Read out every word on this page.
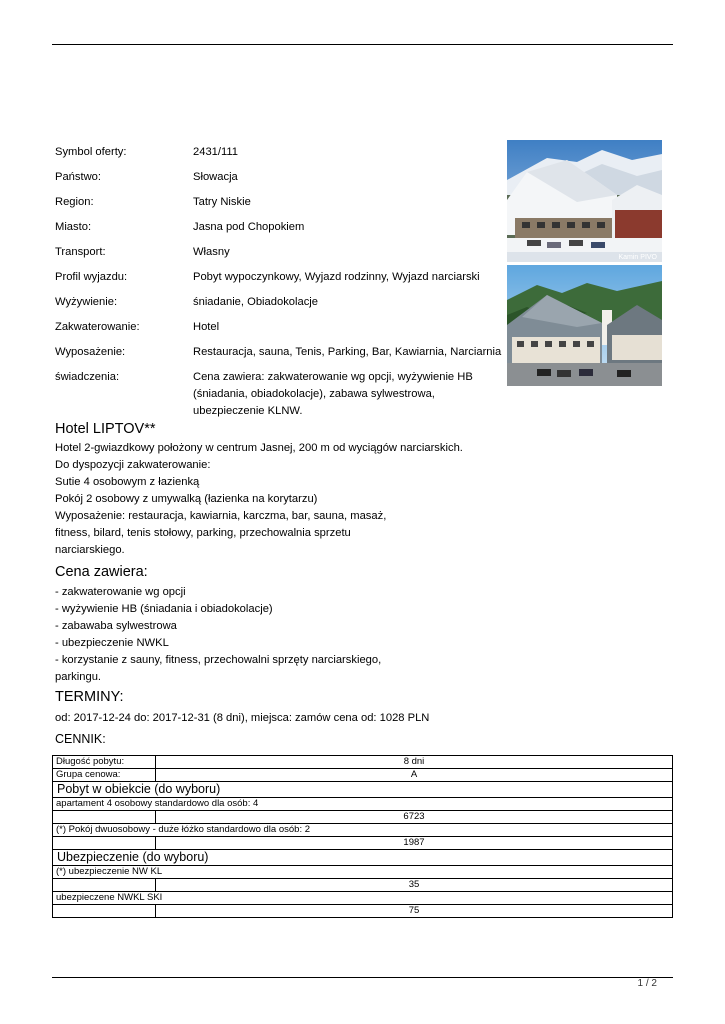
Symbol oferty:	2431/111
Państwo:	Słowacja
Region:	Tatry Niskie
Miasto:	Jasna pod Chopokiem
Transport:	Własny
Profil wyjazdu:	Pobyt wypoczynkowy, Wyjazd rodzinny, Wyjazd narciarski
Wyżywienie:	śniadanie, Obiadokolacje
Zakwaterowanie:	Hotel
Wyposażenie:	Restauracja, sauna, Tenis, Parking, Bar, Kawiarnia, Narciarnia
świadczenia:	Cena zawiera: zakwaterowanie wg opcji, wyżywienie HB
(śniadania, obiadokolacje), zabawa sylwestrowa,
ubezpieczenie KLNW.
Kamin PIVO
Hotel LIPTOV**
Hotel 2-gwiazdkowy położony w centrum Jasnej, 200 m od wyciągów narciarskich.
Do dyspozycji zakwaterowanie:
Sutie 4 osobowym z łazienką
Pokój 2 osobowy z umywalką (łazienka na korytarzu)
Wyposażenie: restauracja, kawiarnia, karczma, bar, sauna, masaż,
fitness, bilard, tenis stołowy, parking, przechowalnia sprzetu
narciarskiego.
Cena zawiera:
- zakwaterowanie wg opcji
- wyżywienie HB (śniadania i obiadokolacje)
- zabawaba sylwestrowa
- ubezpieczenie NWKL
- korzystanie z sauny, fitness, przechowalni sprzęty narciarskiego,
parkingu.
TERMINY:
od: 2017-12-24 do: 2017-12-31 (8 dni), miejsca: zamów cena od: 1028 PLN
CENNIK:
Długość pobytu:	8 dni
Grupa cenowa:	A
Pobyt w obiekcie (do wyboru)	
apartament 4 osobowy standardowo dla osób: 4	
	6723
(*) Pokój dwuosobowy - duże łóżko standardowo dla osób: 2	
	1987
Ubezpieczenie (do wyboru)	
(*) ubezpieczenie NW KL	
	35
ubezpieczene NWKL SKI	
	75
1 / 2
